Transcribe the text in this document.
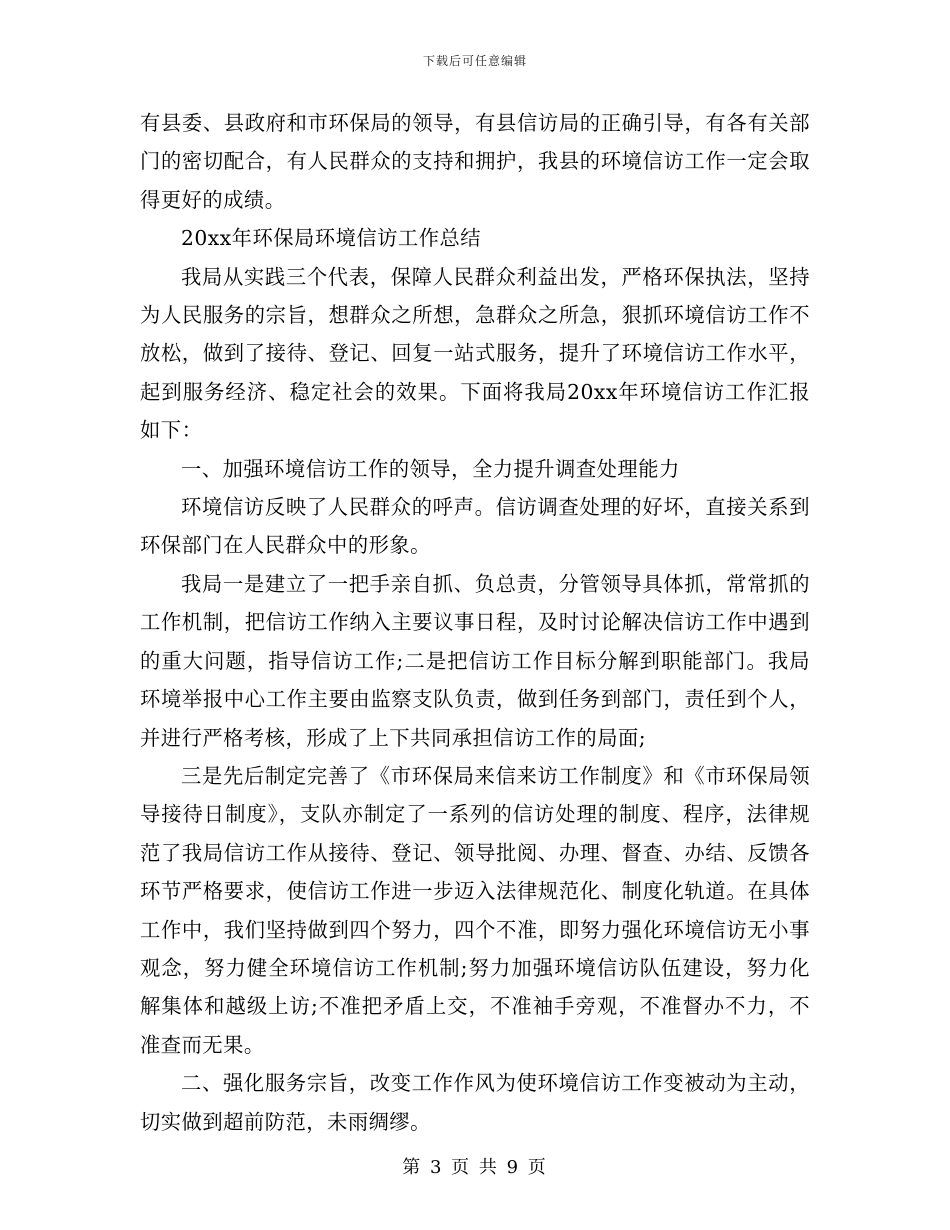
下载后可任意编辑

有县委、县政府和市环保局的领导，有县信访局的正确引导，有各有关部门的密切配合，有人民群众的支持和拥护，我县的环境信访工作一定会取得更好的成绩。

20xx年环保局环境信访工作总结

我局从实践三个代表，保障人民群众利益出发，严格环保执法，坚持为人民服务的宗旨，想群众之所想，急群众之所急，狠抓环境信访工作不放松，做到了接待、登记、回复一站式服务，提升了环境信访工作水平，起到服务经济、稳定社会的效果。下面将我局20xx年环境信访工作汇报如下：

一、加强环境信访工作的领导，全力提升调查处理能力

环境信访反映了人民群众的呼声。信访调查处理的好坏，直接关系到环保部门在人民群众中的形象。

我局一是建立了一把手亲自抓、负总责，分管领导具体抓，常常抓的工作机制，把信访工作纳入主要议事日程，及时讨论解决信访工作中遇到的重大问题，指导信访工作;二是把信访工作目标分解到职能部门。我局环境举报中心工作主要由监察支队负责，做到任务到部门，责任到个人，并进行严格考核，形成了上下共同承担信访工作的局面;

三是先后制定完善了《市环保局来信来访工作制度》和《市环保局领导接待日制度》，支队亦制定了一系列的信访处理的制度、程序，法律规范了我局信访工作从接待、登记、领导批阅、办理、督查、办结、反馈各环节严格要求，使信访工作进一步迈入法律规范化、制度化轨道。在具体工作中，我们坚持做到四个努力，四个不准，即努力强化环境信访无小事观念，努力健全环境信访工作机制;努力加强环境信访队伍建设，努力化解集体和越级上访;不准把矛盾上交，不准袖手旁观，不准督办不力，不准查而无果。

二、强化服务宗旨，改变工作作风为使环境信访工作变被动为主动，切实做到超前防范，未雨绸缪。

第 3 页 共 9 页
